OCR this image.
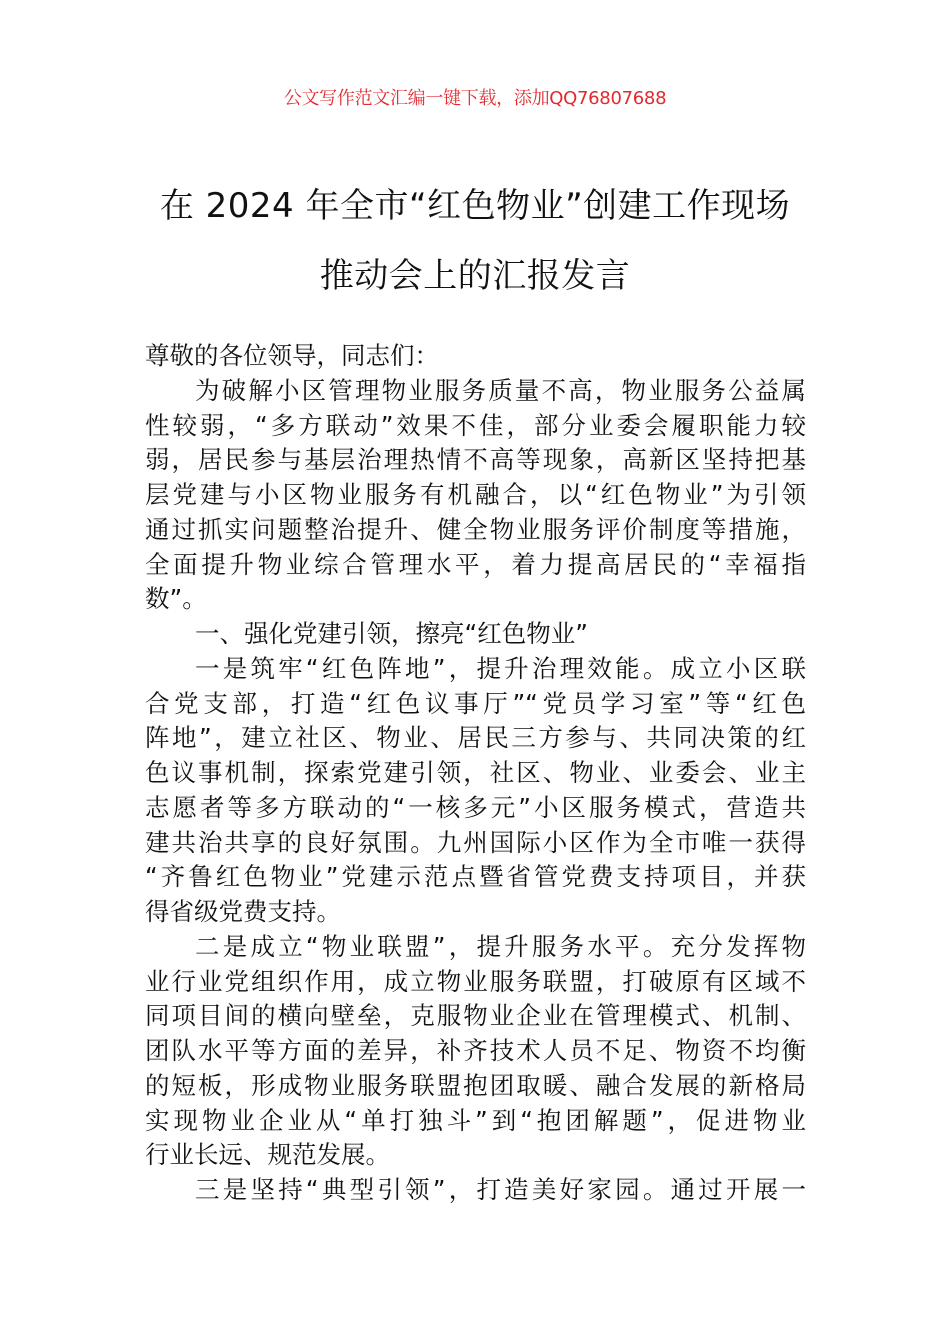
公文写作范文汇编一键下载，添加QQ76807688
在 2024 年全市“红色物业”创建工作现场
推动会上的汇报发言
尊敬的各位领导，同志们：
为破解小区管理物业服务质量不高，物业服务公益属
性较弱，“多方联动”效果不佳，部分业委会履职能力较
弱，居民参与基层治理热情不高等现象，高新区坚持把基
层党建与小区物业服务有机融合，以“红色物业”为引领
通过抓实问题整治提升、健全物业服务评价制度等措施，
全面提升物业综合管理水平，着力提高居民的“幸福指
数”。
一、强化党建引领，擦亮“红色物业”
一是筑牢“红色阵地”，提升治理效能。成立小区联
合党支部，打造“红色议事厅”“党员学习室”等“红色
阵地”，建立社区、物业、居民三方参与、共同决策的红
色议事机制，探索党建引领，社区、物业、业委会、业主
志愿者等多方联动的“一核多元”小区服务模式，营造共
建共治共享的良好氛围。九州国际小区作为全市唯一获得
“齐鲁红色物业”党建示范点暨省管党费支持项目，并获
得省级党费支持。
二是成立“物业联盟”，提升服务水平。充分发挥物
业行业党组织作用，成立物业服务联盟，打破原有区域不
同项目间的横向壁垒，克服物业企业在管理模式、机制、
团队水平等方面的差异，补齐技术人员不足、物资不均衡
的短板，形成物业服务联盟抱团取暖、融合发展的新格局
实现物业企业从“单打独斗”到“抱团解题”，促进物业
行业长远、规范发展。
三是坚持“典型引领”，打造美好家园。通过开展一
